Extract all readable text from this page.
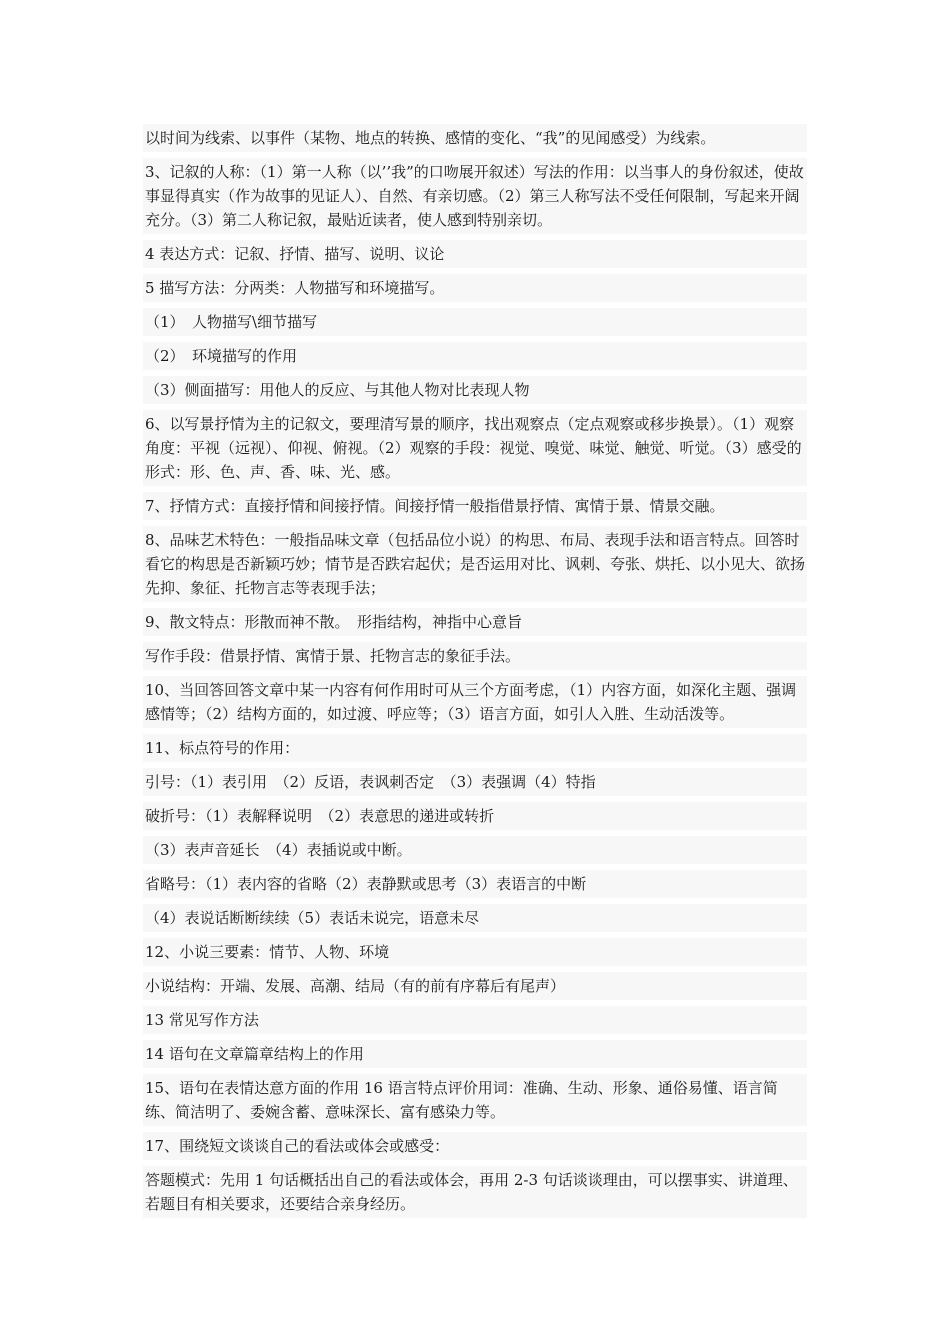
以时间为线索、以事件（某物、地点的转换、感情的变化、“我”的见闻感受）为线索。

3、记叙的人称：（1）第一人称（以’’我”的口吻展开叙述）写法的作用：以当事人的身份叙述，使故事显得真实（作为故事的见证人）、自然、有亲切感。（2）第三人称写法不受任何限制，写起来开阔充分。（3）第二人称记叙，最贴近读者，使人感到特别亲切。

4 表达方式：记叙、抒情、描写、说明、议论

5 描写方法：分两类：人物描写和环境描写。

（1）　人物描写\细节描写

（2）　环境描写的作用

（3）侧面描写：用他人的反应、与其他人物对比表现人物

6、以写景抒情为主的记叙文，要理清写景的顺序，找出观察点（定点观察或移步换景）。（1）观察角度：平视（远视）、仰视、俯视。（2）观察的手段：视觉、嗅觉、味觉、触觉、听觉。（3）感受的形式：形、色、声、香、味、光、感。

7、抒情方式：直接抒情和间接抒情。间接抒情一般指借景抒情、寓情于景、情景交融。

8、品味艺术特色：一般指品味文章（包括品位小说）的构思、布局、表现手法和语言特点。回答时看它的构思是否新颖巧妙；情节是否跌宕起伏；是否运用对比、讽刺、夸张、烘托、以小见大、欲扬先抑、象征、托物言志等表现手法；

9、散文特点：形散而神不散。　形指结构，神指中心意旨

写作手段：借景抒情、寓情于景、托物言志的象征手法。

10、当回答回答文章中某一内容有何作用时可从三个方面考虑，（1）内容方面，如深化主题、强调感情等；（2）结构方面的，如过渡、呼应等；（3）语言方面，如引人入胜、生动活泼等。

11、标点符号的作用：

引号：（1）表引用　（2）反语，表讽刺否定　（3）表强调（4）特指

破折号：（1）表解释说明　（2）表意思的递进或转折

（3）表声音延长　（4）表插说或中断。

省略号：（1）表内容的省略（2）表静默或思考（3）表语言的中断

（4）表说话断断续续（5）表话未说完，语意未尽

12、小说三要素：情节、人物、环境

小说结构：开端、发展、高潮、结局（有的前有序幕后有尾声）

13 常见写作方法

14 语句在文章篇章结构上的作用

15、语句在表情达意方面的作用 16 语言特点评价用词：准确、生动、形象、通俗易懂、语言简练、简洁明了、委婉含蓄、意味深长、富有感染力等。

17、围绕短文谈谈自己的看法或体会或感受：

答题模式：先用 1 句话概括出自己的看法或体会，再用 2-3 句话谈谈理由，可以摆事实、讲道理、若题目有相关要求，还要结合亲身经历。
